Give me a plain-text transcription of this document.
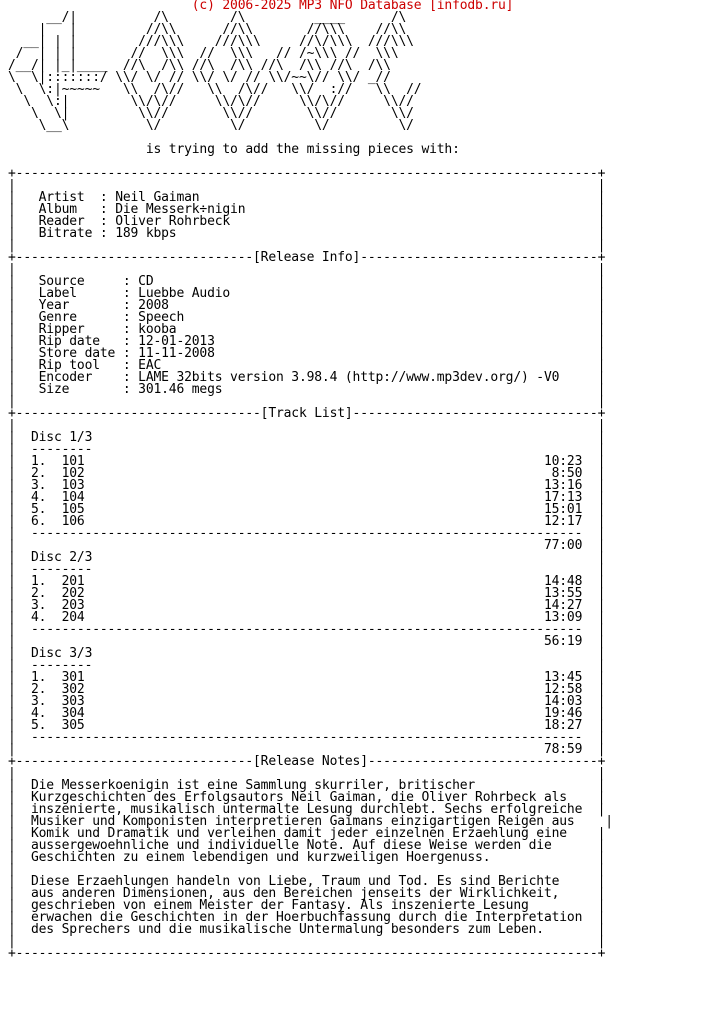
(c) 2006-2025 MP3 NFO Database [infodb.ru]
__/|          /\        /\         ____      /\
|   |         //\\      //\\       //\\\    //\\
__| | |        ///\\\    ///\\\     //\/\\\  ///\\\
/  | | |       //  \\\  //  \\\   // /~\\\ //  \\\
/__/| |_|____  //\  /\\ //\  /\\ //\  /\\ //\  /\\
\  \|:::::::/ \\/ \/ // \\/ \/ // \\/~~\// \\/ _//
\  \:|~~~~~   \\  /\//   \\  /\//   \\/  ://   \\  //
\  \:|        \\/\//     \\/\//     \\/\//     \\//
\  \|         \\//       \\//       \\//       \\/
\__\          \/         \/         \/         \/
is trying to add the missing pieces with:
+----------------------------------------------------------------------------+
|                                                                            |
|   Artist  : Neil Gaiman                                                    |
|   Album   : Die Messerk÷nigin                                              |
|   Reader  : Oliver Rohrbeck                                                |
|   Bitrate : 189 kbps                                                       |
|                                                                            |
+-------------------------------[Release Info]-------------------------------+
|                                                                            |
|   Source     : CD                                                          |
|   Label      : Luebbe Audio                                                |
|   Year       : 2008                                                        |
|   Genre      : Speech                                                      |
|   Ripper     : kooba                                                       |
|   Rip date   : 12-01-2013                                                  |
|   Store date : 11-11-2008                                                  |
|   Rip tool   : EAC                                                         |
|   Encoder    : LAME 32bits version 3.98.4 (http://www.mp3dev.org/) -V0     |
|   Size       : 301.46 megs                                                 |
|                                                                            |
+--------------------------------[Track List]--------------------------------+
|                                                                            |
|  Disc 1/3                                                                  |
|  --------                                                                  |
|  1.  101                                                            10:23  |
|  2.  102                                                             8:50  |
|  3.  103                                                            13:16  |
|  4.  104                                                            17:13  |
|  5.  105                                                            15:01  |
|  6.  106                                                            12:17  |
|  ------------------------------------------------------------------------  |
|                                                                     77:00  |
|  Disc 2/3                                                                  |
|  --------                                                                  |
|  1.  201                                                            14:48  |
|  2.  202                                                            13:55  |
|  3.  203                                                            14:27  |
|  4.  204                                                            13:09  |
|  ------------------------------------------------------------------------  |
|                                                                     56:19  |
|  Disc 3/3                                                                  |
|  --------                                                                  |
|  1.  301                                                            13:45  |
|  2.  302                                                            12:58  |
|  3.  303                                                            14:03  |
|  4.  304                                                            19:46  |
|  5.  305                                                            18:27  |
|  ------------------------------------------------------------------------  |
|                                                                     78:59  |
+-------------------------------[Release Notes]------------------------------+
|                                                                            |
|  Die Messerkoenigin ist eine Sammlung skurriler, britischer                |
|  Kurzgeschichten des Erfolgsautors Neil Gaiman, die Oliver Rohrbeck als    |
|  inszenierte, musikalisch untermalte Lesung durchlebt. Sechs erfolgreiche  |
|  Musiker und Komponisten interpretieren Gaimans einzigartigen Reigen aus    |
|  Komik und Dramatik und verleihen damit jeder einzelnen Erzaehlung eine    |
|  aussergewoehnliche und individuelle Note. Auf diese Weise werden die      |
|  Geschichten zu einem lebendigen und kurzweiligen Hoergenuss.              |
|                                                                            |
|  Diese Erzaehlungen handeln von Liebe, Traum und Tod. Es sind Berichte     |
|  aus anderen Dimensionen, aus den Bereichen jenseits der Wirklichkeit,     |
|  geschrieben von einem Meister der Fantasy. Als inszenierte Lesung         |
|  erwachen die Geschichten in der Hoerbuchfassung durch die Interpretation  |
|  des Sprechers und die musikalische Untermalung besonders zum Leben.       |
|                                                                            |
+----------------------------------------------------------------------------+
